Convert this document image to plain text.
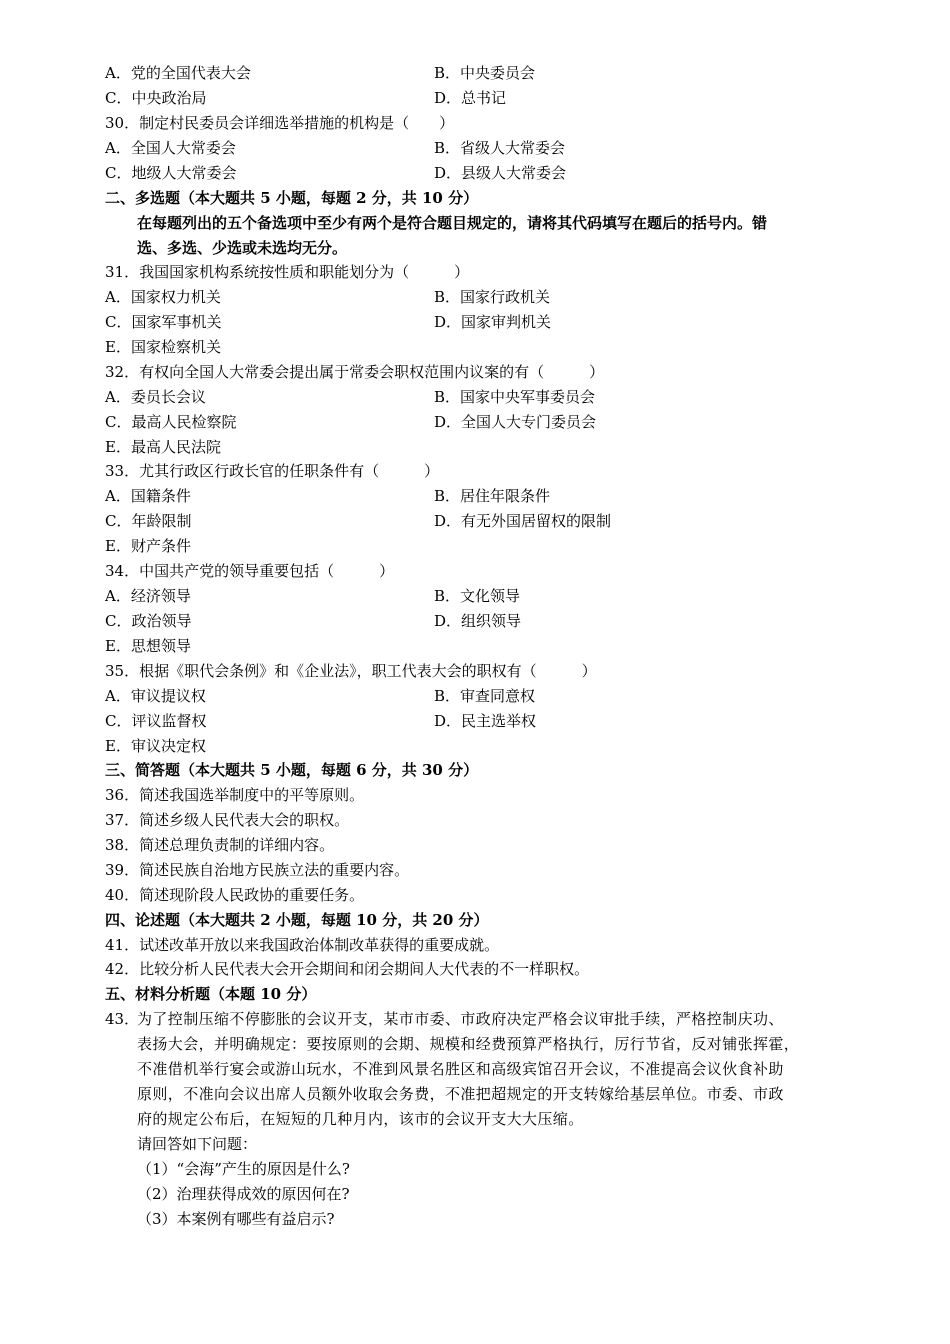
A．党的全国代表大会	B．中央委员会
C．中央政治局	D．总书记
30．制定村民委员会详细选举措施的机构是（　　）
A．全国人大常委会	B．省级人大常委会
C．地级人大常委会	D．县级人大常委会
二、多选题（本大题共 5 小题，每题 2 分，共 10 分）
在每题列出的五个备选项中至少有两个是符合题目规定的，请将其代码填写在题后的括号内。错
选、多选、少选或未选均无分。
31．我国国家机构系统按性质和职能划分为（　　　）
A．国家权力机关	B．国家行政机关
C．国家军事机关	D．国家审判机关
E．国家检察机关
32．有权向全国人大常委会提出属于常委会职权范围内议案的有（　　　）
A．委员长会议	B．国家中央军事委员会
C．最高人民检察院	D．全国人大专门委员会
E．最高人民法院
33．尤其行政区行政长官的任职条件有（　　　）
A．国籍条件	B．居住年限条件
C．年龄限制	D．有无外国居留权的限制
E．财产条件
34．中国共产党的领导重要包括（　　　）
A．经济领导	B．文化领导
C．政治领导	D．组织领导
E．思想领导
35．根据《职代会条例》和《企业法》，职工代表大会的职权有（　　　）
A．审议提议权	B．审查同意权
C．评议监督权	D．民主选举权
E．审议决定权
三、简答题（本大题共 5 小题，每题 6 分，共 30 分）
36．简述我国选举制度中的平等原则。
37．简述乡级人民代表大会的职权。
38．简述总理负责制的详细内容。
39．简述民族自治地方民族立法的重要内容。
40．简述现阶段人民政协的重要任务。
四、论述题（本大题共 2 小题，每题 10 分，共 20 分）
41．试述改革开放以来我国政治体制改革获得的重要成就。
42．比较分析人民代表大会开会期间和闭会期间人大代表的不一样职权。
五、材料分析题（本题 10 分）
43．
为了控制压缩不停膨胀的会议开支，某市市委、市政府决定严格会议审批手续，严格控制庆功、
表扬大会，并明确规定：要按原则的会期、规模和经费预算严格执行，厉行节省，反对铺张挥霍，
不准借机举行宴会或游山玩水，不准到风景名胜区和高级宾馆召开会议，不准提高会议伙食补助
原则，不准向会议出席人员额外收取会务费，不准把超规定的开支转嫁给基层单位。市委、市政
府的规定公布后，在短短的几种月内，该市的会议开支大大压缩。
请回答如下问题：
（1）“会海”产生的原因是什么?
（2）治理获得成效的原因何在?
（3）本案例有哪些有益启示?
